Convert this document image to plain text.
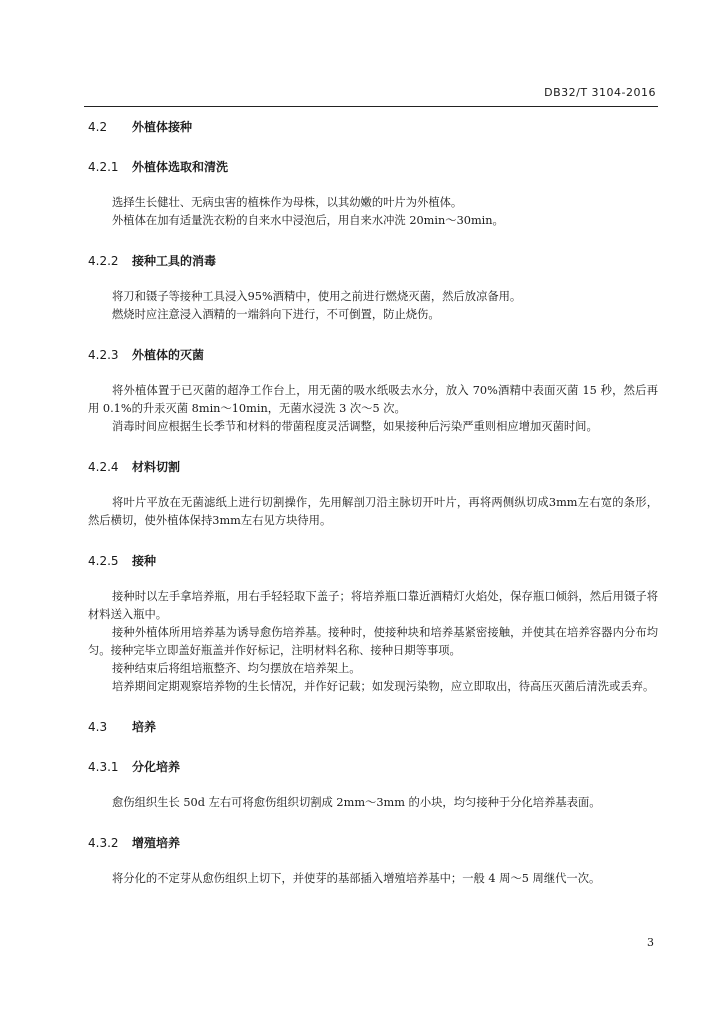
DB32/T 3104-2016

4.2 外植体接种

4.2.1 外植体选取和清洗

选择生长健壮、无病虫害的植株作为母株，以其幼嫩的叶片为外植体。

外植体在加有适量洗衣粉的自来水中浸泡后，用自来水冲洗 20min～30min。

4.2.2 接种工具的消毒

将刀和镊子等接种工具浸入95%酒精中，使用之前进行燃烧灭菌，然后放凉备用。

燃烧时应注意浸入酒精的一端斜向下进行，不可倒置，防止烧伤。

4.2.3 外植体的灭菌

将外植体置于已灭菌的超净工作台上，用无菌的吸水纸吸去水分，放入 70%酒精中表面灭菌 15 秒，然后再用 0.1%的升汞灭菌 8min～10min，无菌水浸洗 3 次～5 次。

消毒时间应根据生长季节和材料的带菌程度灵活调整，如果接种后污染严重则相应增加灭菌时间。

4.2.4 材料切割

将叶片平放在无菌滤纸上进行切割操作，先用解剖刀沿主脉切开叶片，再将两侧纵切成3mm左右宽的条形，然后横切，使外植体保持3mm左右见方块待用。

4.2.5 接种

接种时以左手拿培养瓶，用右手轻轻取下盖子；将培养瓶口靠近酒精灯火焰处，保存瓶口倾斜，然后用镊子将材料送入瓶中。

接种外植体所用培养基为诱导愈伤培养基。接种时，使接种块和培养基紧密接触，并使其在培养容器内分布均匀。接种完毕立即盖好瓶盖并作好标记，注明材料名称、接种日期等事项。

接种结束后将组培瓶整齐、均匀摆放在培养架上。

培养期间定期观察培养物的生长情况，并作好记载；如发现污染物，应立即取出，待高压灭菌后清洗或丢弃。

4.3 培养

4.3.1 分化培养

愈伤组织生长 50d 左右可将愈伤组织切割成 2mm～3mm 的小块，均匀接种于分化培养基表面。

4.3.2 增殖培养

将分化的不定芽从愈伤组织上切下，并使芽的基部插入增殖培养基中；一般 4 周～5 周继代一次。

3
